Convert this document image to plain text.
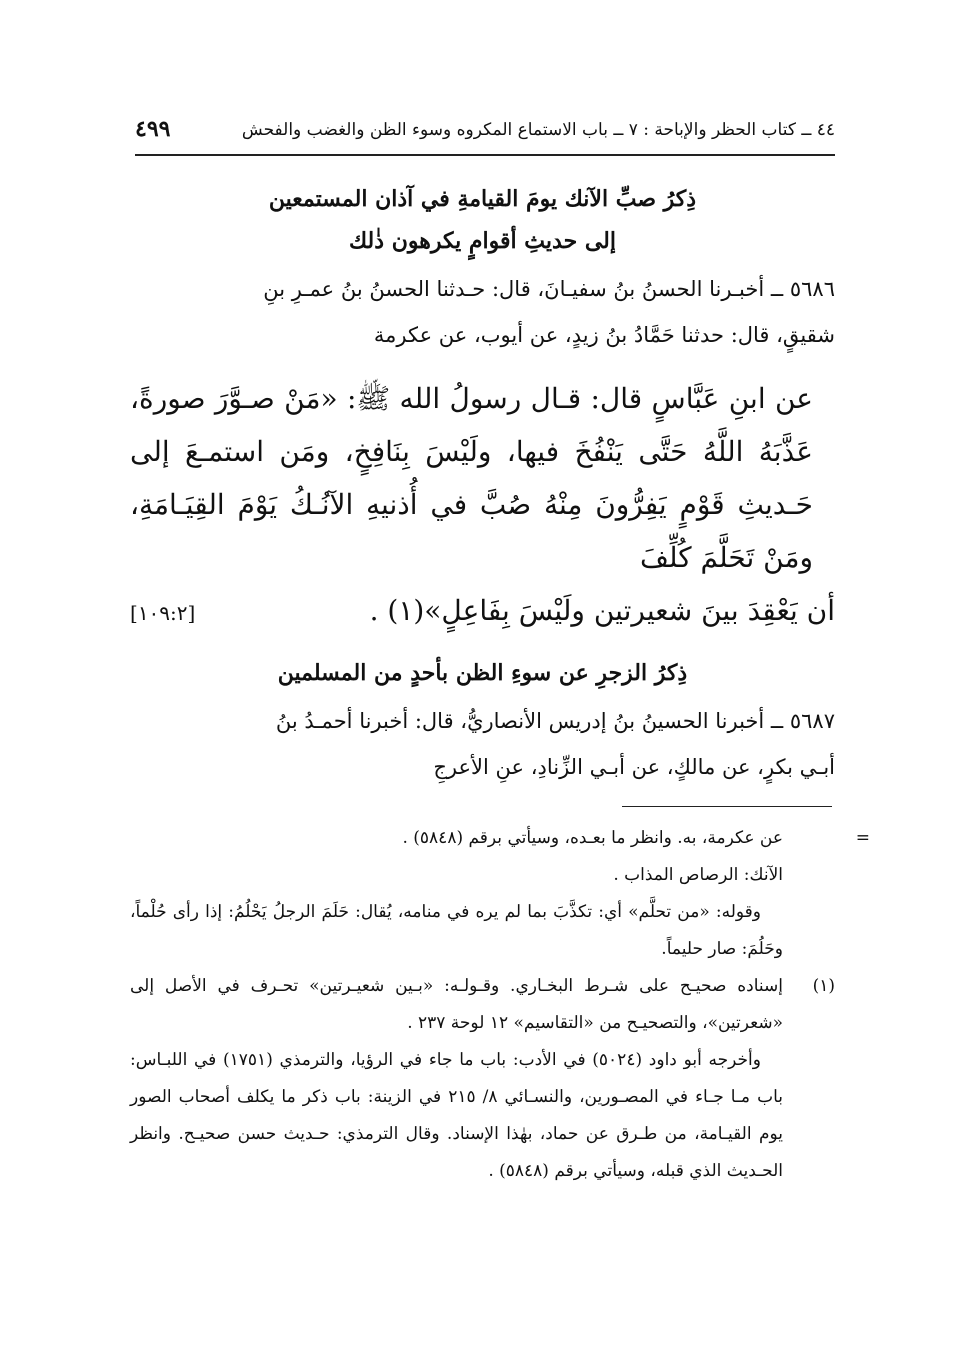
٤٤ ــ كتاب الحظر والإباحة : ٧ ــ باب الاستماع المكروه وسوء الظن والغضب والفحش
٤٩٩
ذِكرُ صبِّ الآنك يومَ القيامةِ في آذان المستمعين
إلى حديثِ أقوامٍ يكرهون ذٰلك

٥٦٨٦ ــ أخبـرنا الحسنُ بنُ سفيـانَ، قال: حـدثنا الحسنُ بنُ عمـرِ بنِ

شقيقٍ، قال: حدثنا حَمَّادُ بنُ زيدٍ، عن أيوب، عن عكرمة

عن ابنِ عَبَّاسٍ قال: قـال رسولُ الله ﷺ: «مَنْ صـوَّرَ صورةً، عَذَّبَهُ اللَّهُ حَتَّى يَنْفُخَ فيها، ولَيْسَ بِنَافِخٍ، ومَن استمـعَ إلى حَـديثِ قَوْمٍ يَفِرُّونَ مِنْهُ صُبَّ في أُذنيهِ الآنُـكُ يَوْمَ القِيَـامَةِ، ومَنْ تَحَلَّمَ كُلِّفَ

أن يَعْقِدَ بينَ شعيرتين ولَيْسَ بِفَاعِلٍ»(١) .
[١٠٩:٢]
ذِكرُ الزجرِ عن سوءِ الظن بأحدٍ من المسلمين

٥٦٨٧ ــ أخبرنا الحسينُ بنُ إدريس الأنصاريُّ، قال: أخبرنا أحمـدُ بنُ

أبـي بكرٍ، عن مالكٍ، عن أبـي الزِّنادِ، عنِ الأعرجِ

=

عن عكرمة، به. وانظر ما بعـده، وسيأتي برقم (٥٨٤٨) .

الآنك: الرصاص المذاب .

وقوله: «من تحلَّم» أي: تكذَّبَ بما لم يره في منامه، يُقال: حَلَمَ الرجلُ يَحْلُمُ: إذا رأى حُلْماً، وحَلُمَ: صار حليماً.

(١)

إسناده صحيـح على شـرط البخـاري. وقـولـه: «بـين شعيـرتين» تحـرف في الأصل إلى «شعرتين»، والتصحيـح من «التقاسيم» ١٢ لوحة ٢٣٧ .

وأخرجه أبو داود (٥٠٢٤) في الأدب: باب ما جاء في الرؤيا، والترمذي (١٧٥١) في اللبـاس: باب مـا جـاء في المصـورين، والنسـائي ٨/ ٢١٥ في الزينة: باب ذكر ما يكلف أصحاب الصور يوم القيـامة، من طـرق عن حماد، بهٰذا الإسناد. وقال الترمذي: حـديث حسن صحيـح. وانظر الحـديث الذي قبله، وسيأتي برقم (٥٨٤٨) .
